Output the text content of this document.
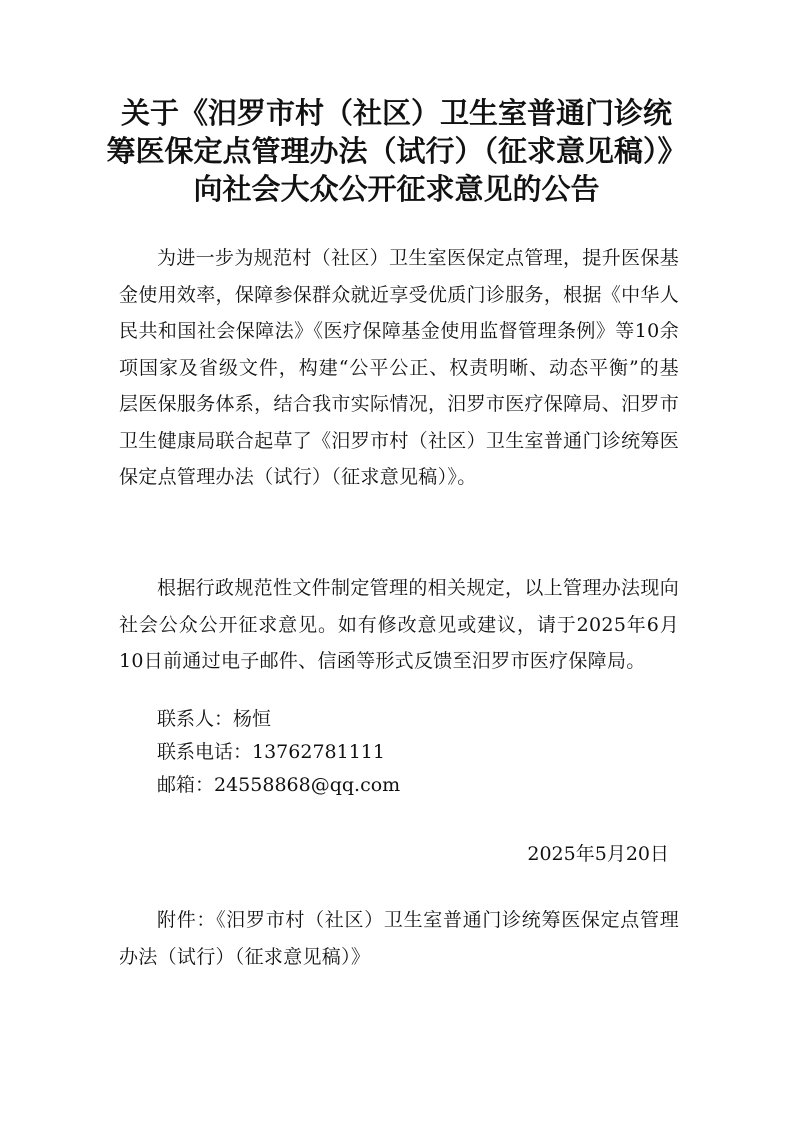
关于《汨罗市村（社区）卫生室普通门诊统
筹医保定点管理办法（试行）（征求意见稿）》
向社会大众公开征求意见的公告

为进一步为规范村（社区）卫生室医保定点管理，提升医保基金使用效率，保障参保群众就近享受优质门诊服务，根据《中华人民共和国社会保障法》《医疗保障基金使用监督管理条例》等10余项国家及省级文件，构建“公平公正、权责明晰、动态平衡”的基层医保服务体系，结合我市实际情况，汨罗市医疗保障局、汨罗市卫生健康局联合起草了《汨罗市村（社区）卫生室普通门诊统筹医保定点管理办法（试行）（征求意见稿）》。

根据行政规范性文件制定管理的相关规定，以上管理办法现向社会公众公开征求意见。如有修改意见或建议，请于2025年6月10日前通过电子邮件、信函等形式反馈至汨罗市医疗保障局。

联系人：杨恒
联系电话：13762781111
邮箱：24558868@qq.com
2025年5月20日

附件：《汨罗市村（社区）卫生室普通门诊统筹医保定点管理办法（试行）（征求意见稿）》
